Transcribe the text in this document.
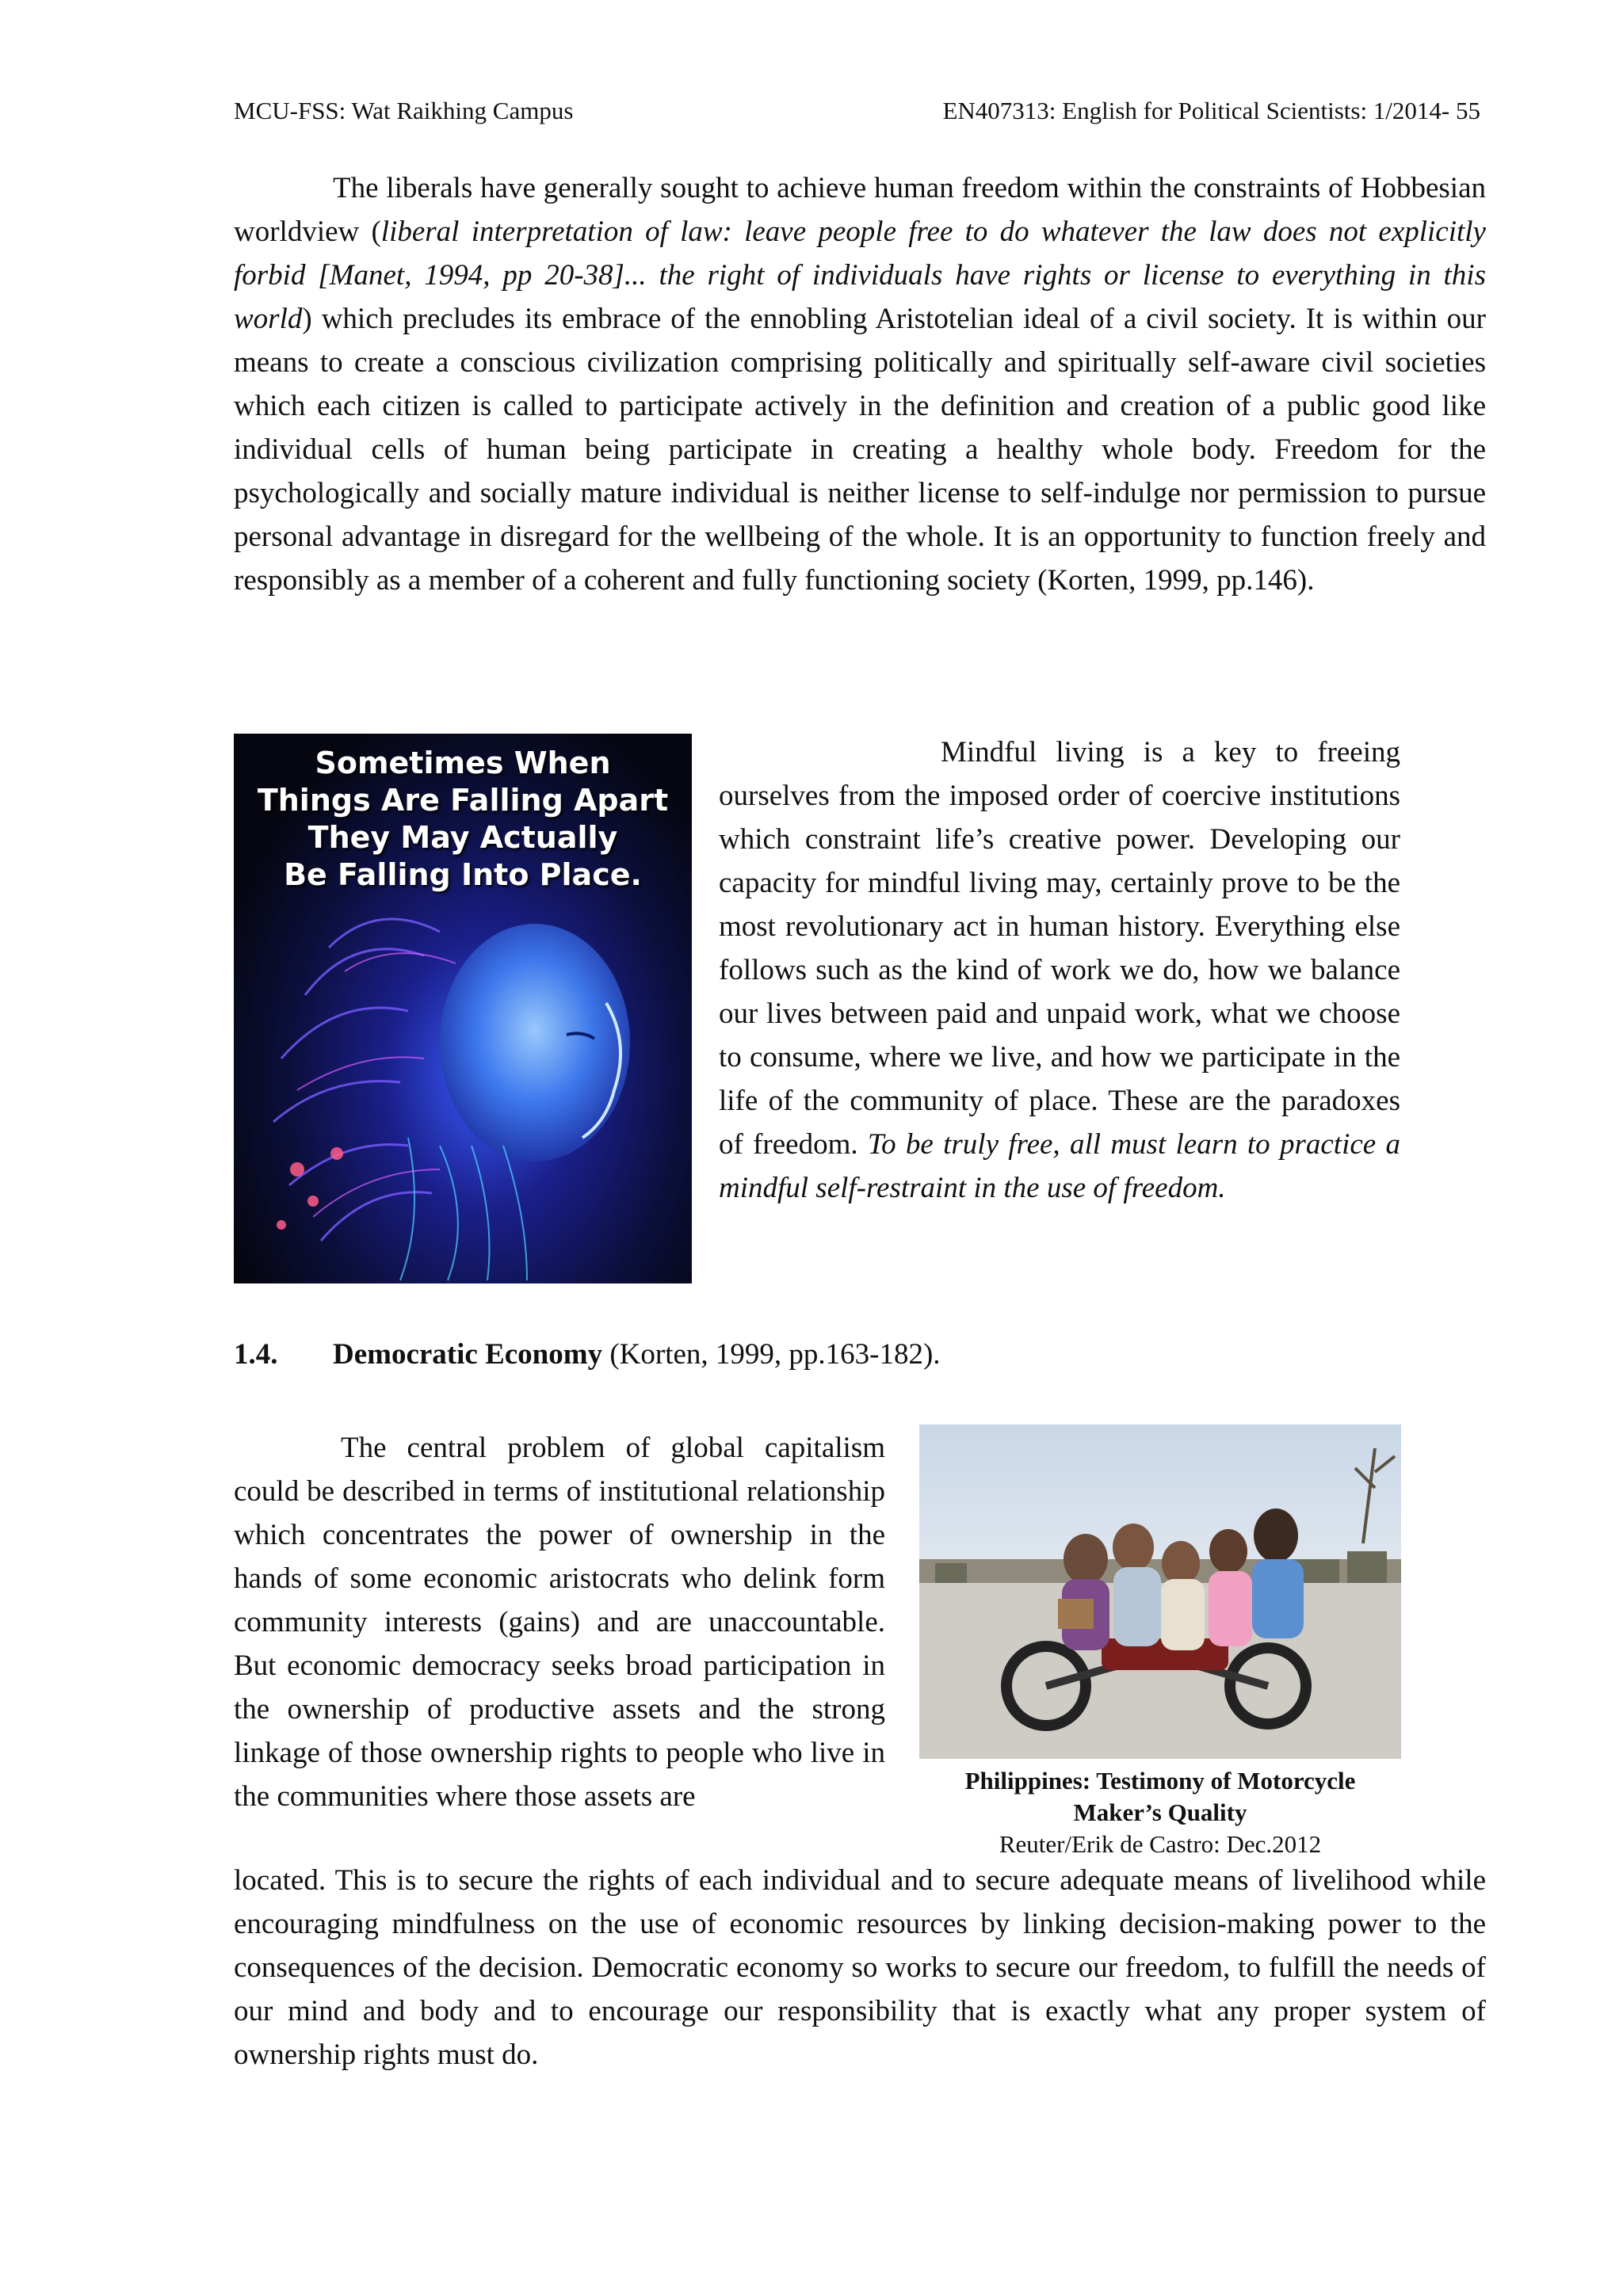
MCU-FSS: Wat Raikhing Campus	EN407313: English for Political Scientists: 1/2014- 55

The liberals have generally sought to achieve human freedom within the constraints of Hobbesian worldview (liberal interpretation of law: leave people free to do whatever the law does not explicitly forbid [Manet, 1994, pp 20-38]... the right of individuals have rights or license to everything in this world) which precludes its embrace of the ennobling Aristotelian ideal of a civil society. It is within our means to create a conscious civilization comprising politically and spiritually self-aware civil societies which each citizen is called to participate actively in the definition and creation of a public good like individual cells of human being participate in creating a healthy whole body. Freedom for the psychologically and socially mature individual is neither license to self-indulge nor permission to pursue personal advantage in disregard for the wellbeing of the whole. It is an opportunity to function freely and responsibly as a member of a coherent and fully functioning society (Korten, 1999, pp.146).

Sometimes When
Things Are Falling Apart
They May Actually
Be Falling Into Place.

Mindful living is a key to freeing ourselves from the imposed order of coercive institutions which constraint life’s creative power. Developing our capacity for mindful living may, certainly prove to be the most revolutionary act in human history. Everything else follows such as the kind of work we do, how we balance our lives between paid and unpaid work, what we choose to consume, where we live, and how we participate in the life of the community of place. These are the paradoxes of freedom. To be truly free, all must learn to practice a mindful self-restraint in the use of freedom.

1.4. Democratic Economy (Korten, 1999, pp.163-182).

The central problem of global capitalism could be described in terms of institutional relationship which concentrates the power of ownership in the hands of some economic aristocrats who delink form community interests (gains) and are unaccountable. But economic democracy seeks broad participation in the ownership of productive assets and the strong linkage of those ownership rights to people who live in the communities where those assets are	Philippines: Testimony of Motorcycle Maker’s Quality
Reuter/Erik de Castro: Dec.2012

located. This is to secure the rights of each individual and to secure adequate means of livelihood while encouraging mindfulness on the use of economic resources by linking decision-making power to the consequences of the decision. Democratic economy so works to secure our freedom, to fulfill the needs of our mind and body and to encourage our responsibility that is exactly what any proper system of ownership rights must do.
